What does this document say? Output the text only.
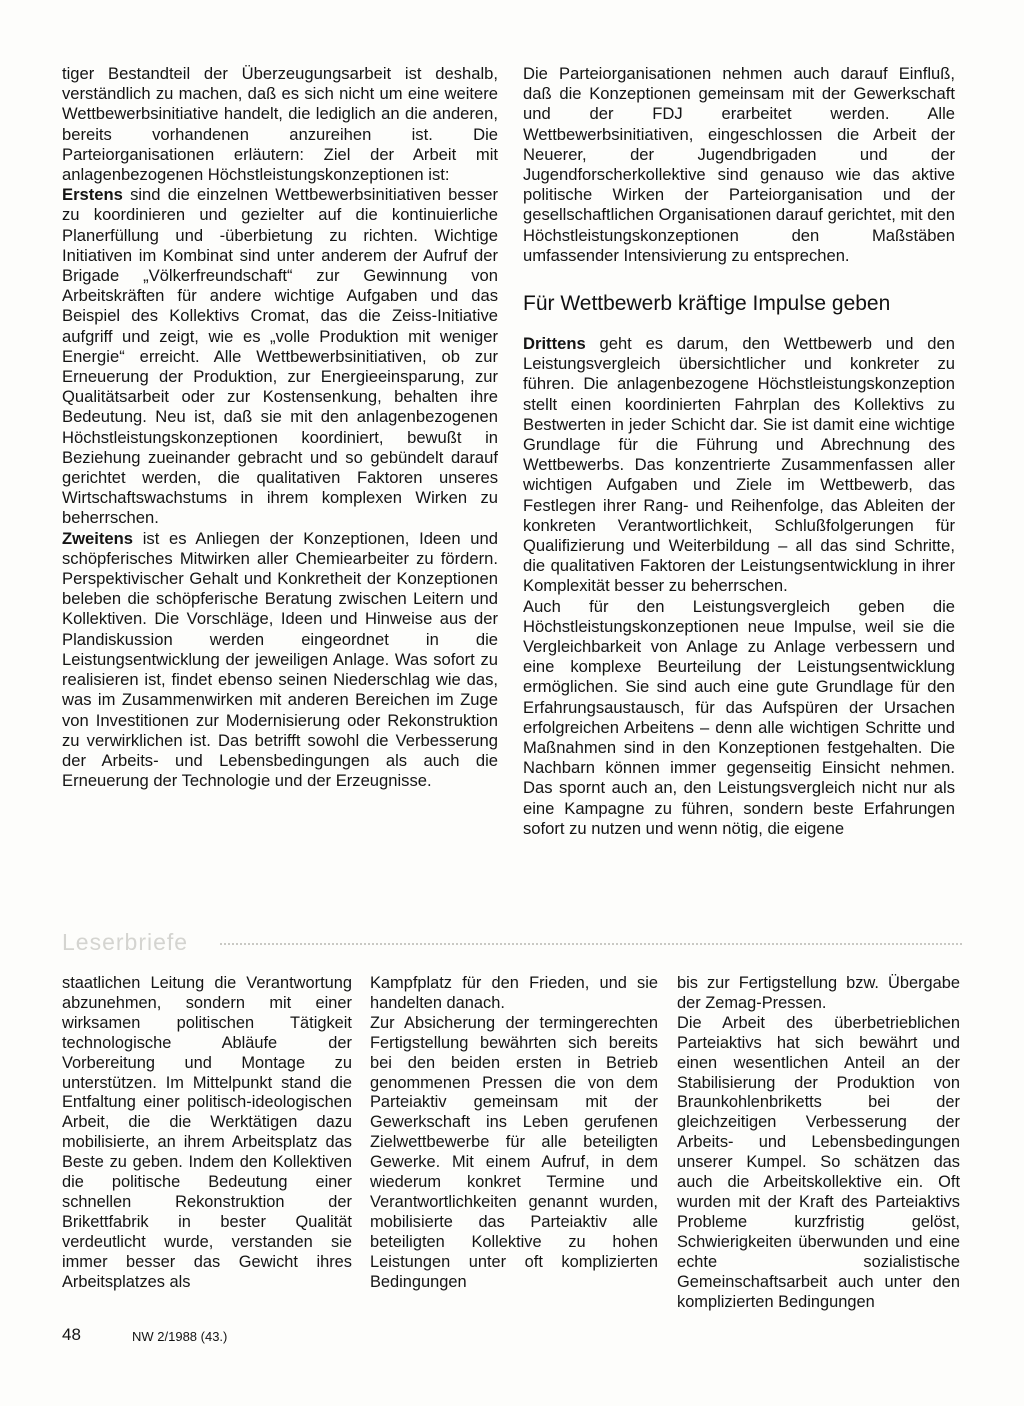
tiger Bestandteil der Überzeugungsarbeit ist deshalb, verständlich zu machen, daß es sich nicht um eine weitere Wettbewerbsinitiative handelt, die lediglich an die anderen, bereits vorhandenen anzureihen ist. Die Parteiorganisationen erläutern: Ziel der Arbeit mit anlagenbezogenen Höchstleistungskonzeptionen ist:

Erstens sind die einzelnen Wettbewerbsinitiativen besser zu koordinieren und gezielter auf die kontinuierliche Planerfüllung und -überbietung zu richten. Wichtige Initiativen im Kombinat sind unter anderem der Aufruf der Brigade „Völkerfreundschaft“ zur Gewinnung von Arbeitskräften für andere wichtige Aufgaben und das Beispiel des Kollektivs Cromat, das die Zeiss-Initiative aufgriff und zeigt, wie es „volle Produktion mit weniger Energie“ erreicht. Alle Wettbewerbsinitiativen, ob zur Erneuerung der Produktion, zur Energieeinsparung, zur Qualitätsarbeit oder zur Kostensenkung, behalten ihre Bedeutung. Neu ist, daß sie mit den anlagenbezogenen Höchstleistungskonzeptionen koordiniert, bewußt in Beziehung zueinander gebracht und so gebündelt darauf gerichtet werden, die qualitativen Faktoren unseres Wirtschaftswachstums in ihrem komplexen Wirken zu beherrschen.

Zweitens ist es Anliegen der Konzeptionen, Ideen und schöpferisches Mitwirken aller Chemiearbeiter zu fördern. Perspektivischer Gehalt und Konkretheit der Konzeptionen beleben die schöpferische Beratung zwischen Leitern und Kollektiven. Die Vorschläge, Ideen und Hinweise aus der Plandiskussion werden eingeordnet in die Leistungsentwicklung der jeweiligen Anlage. Was sofort zu realisieren ist, findet ebenso seinen Niederschlag wie das, was im Zusammenwirken mit anderen Bereichen im Zuge von Investitionen zur Modernisierung oder Rekonstruktion zu verwirklichen ist. Das betrifft sowohl die Verbesserung der Arbeits- und Lebensbedingungen als auch die Erneuerung der Technologie und der Erzeugnisse.

Die Parteiorganisationen nehmen auch darauf Einfluß, daß die Konzeptionen gemeinsam mit der Gewerkschaft und der FDJ erarbeitet werden. Alle Wettbewerbsinitiativen, eingeschlossen die Arbeit der Neuerer, der Jugendbrigaden und der Jugendforscherkollektive sind genauso wie das aktive politische Wirken der Parteiorganisation und der gesellschaftlichen Organisationen darauf gerichtet, mit den Höchstleistungskonzeptionen den Maßstäben umfassender Intensivierung zu entsprechen.

Für Wettbewerb kräftige Impulse geben

Drittens geht es darum, den Wettbewerb und den Leistungsvergleich übersichtlicher und konkreter zu führen. Die anlagenbezogene Höchstleistungskonzeption stellt einen koordinierten Fahrplan des Kollektivs zu Bestwerten in jeder Schicht dar. Sie ist damit eine wichtige Grundlage für die Führung und Abrechnung des Wettbewerbs. Das konzentrierte Zusammenfassen aller wichtigen Aufgaben und Ziele im Wettbewerb, das Festlegen ihrer Rang- und Reihenfolge, das Ableiten der konkreten Verantwortlichkeit, Schlußfolgerungen für Qualifizierung und Weiterbildung – all das sind Schritte, die qualitativen Faktoren der Leistungsentwicklung in ihrer Komplexität besser zu beherrschen.

Auch für den Leistungsvergleich geben die Höchstleistungskonzeptionen neue Impulse, weil sie die Vergleichbarkeit von Anlage zu Anlage verbessern und eine komplexe Beurteilung der Leistungsentwicklung ermöglichen. Sie sind auch eine gute Grundlage für den Erfahrungsaustausch, für das Aufspüren der Ursachen erfolgreichen Arbeitens – denn alle wichtigen Schritte und Maßnahmen sind in den Konzeptionen festgehalten. Die Nachbarn können immer gegenseitig Einsicht nehmen. Das spornt auch an, den Leistungsvergleich nicht nur als eine Kampagne zu führen, sondern beste Erfahrungen sofort zu nutzen und wenn nötig, die eigene

Leserbriefe

staatlichen Leitung die Verantwortung abzunehmen, sondern mit einer wirksamen politischen Tätigkeit technologische Abläufe der Vorbereitung und Montage zu unterstützen. Im Mittelpunkt stand die Entfaltung einer politisch-ideologischen Arbeit, die die Werktätigen dazu mobilisierte, an ihrem Arbeitsplatz das Beste zu geben. Indem den Kollektiven die politische Bedeutung einer schnellen Rekonstruktion der Brikettfabrik in bester Qualität verdeutlicht wurde, verstanden sie immer besser das Gewicht ihres Arbeitsplatzes als

Kampfplatz für den Frieden, und sie handelten danach.

Zur Absicherung der termingerechten Fertigstellung bewährten sich bereits bei den beiden ersten in Betrieb genommenen Pressen die von dem Parteiaktiv gemeinsam mit der Gewerkschaft ins Leben gerufenen Zielwettbewerbe für alle beteiligten Gewerke. Mit einem Aufruf, in dem wiederum konkret Termine und Verantwortlichkeiten genannt wurden, mobilisierte das Parteiaktiv alle beteiligten Kollektive zu hohen Leistungen unter oft komplizierten Bedingungen

bis zur Fertigstellung bzw. Übergabe der Zemag-Pressen.

Die Arbeit des überbetrieblichen Parteiaktivs hat sich bewährt und einen wesentlichen Anteil an der Stabilisierung der Produktion von Braunkohlenbriketts bei der gleichzeitigen Verbesserung der Arbeits- und Lebensbedingungen unserer Kumpel. So schätzen das auch die Arbeitskollektive ein. Oft wurden mit der Kraft des Parteiaktivs Probleme kurzfristig gelöst, Schwierigkeiten überwunden und eine echte sozialistische Gemeinschaftsarbeit auch unter den komplizierten Bedingungen

48	NW 2/1988 (43.)
